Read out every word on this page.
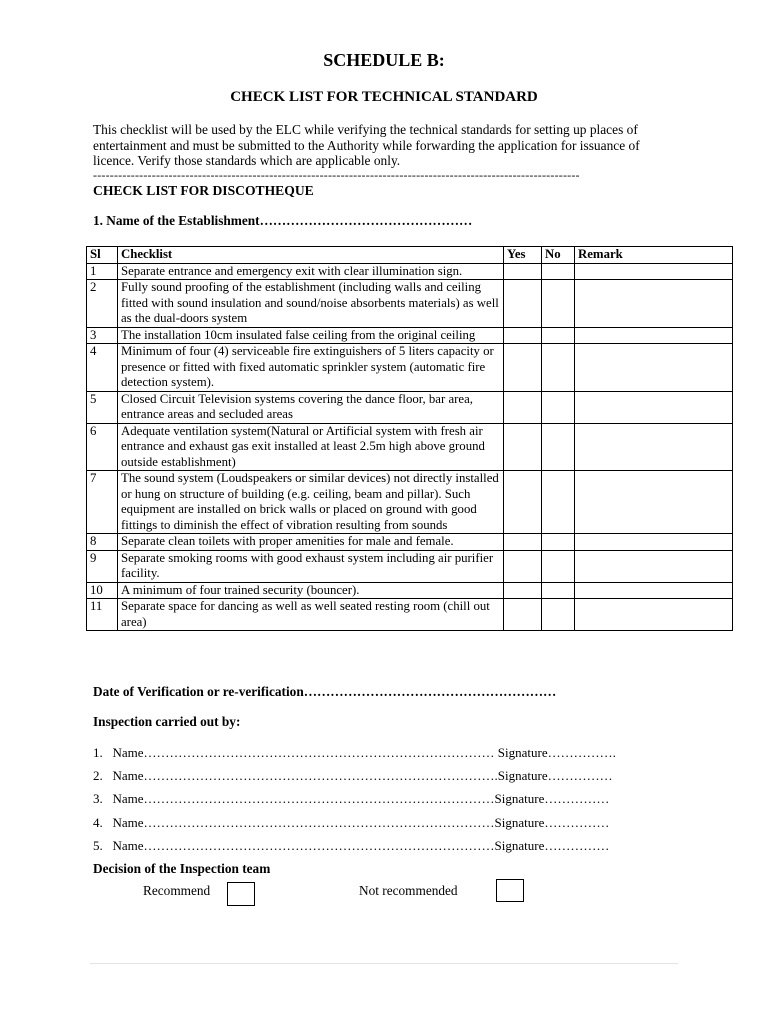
SCHEDULE B:
CHECK LIST FOR TECHNICAL STANDARD
This checklist will be used by the ELC while verifying the technical standards for setting up places of
entertainment and must be submitted to the Authority while forwarding the application for issuance of
licence. Verify those standards which are applicable only.
--------------------------------------------------------------------------------------------------------------------
CHECK LIST FOR DISCOTHEQUE
1. Name of the Establishment…………………………………………
Sl	Checklist	Yes	No	Remark
1	Separate entrance and emergency exit with clear illumination sign.			
2	Fully sound proofing of the establishment (including walls and ceiling fitted with sound insulation and sound/noise absorbents materials) as well as the dual-doors system			
3	The installation 10cm insulated false ceiling from the original ceiling			
4	Minimum of four (4) serviceable fire extinguishers of 5 liters capacity or presence or fitted with fixed automatic sprinkler system (automatic fire detection system).			
5	Closed Circuit Television systems covering the dance floor, bar area, entrance areas and secluded areas			
6	Adequate ventilation system(Natural or Artificial system with fresh air entrance and exhaust gas exit installed at least 2.5m high above ground outside establishment)			
7	The sound system (Loudspeakers or similar devices) not directly installed or hung on structure of building (e.g. ceiling, beam and pillar). Such equipment are installed on brick walls or placed on ground with good fittings to diminish the effect of vibration resulting from sounds			
8	Separate clean toilets with proper amenities for male and female.			
9	Separate smoking rooms with good exhaust system including air purifier facility.			
10	A minimum of four trained security (bouncer).			
11	Separate space for dancing as well as well seated resting room (chill out area)			
Date of Verification or re-verification…………………………………………………
Inspection carried out by:
1. Name……………………………………………………………………… Signature…………….
2. Name……………………………………………………………………….Signature……………
3. Name………………………………………………………………………Signature……………
4. Name………………………………………………………………………Signature……………
5. Name………………………………………………………………………Signature……………
Decision of the Inspection team
Recommend	Not recommended
